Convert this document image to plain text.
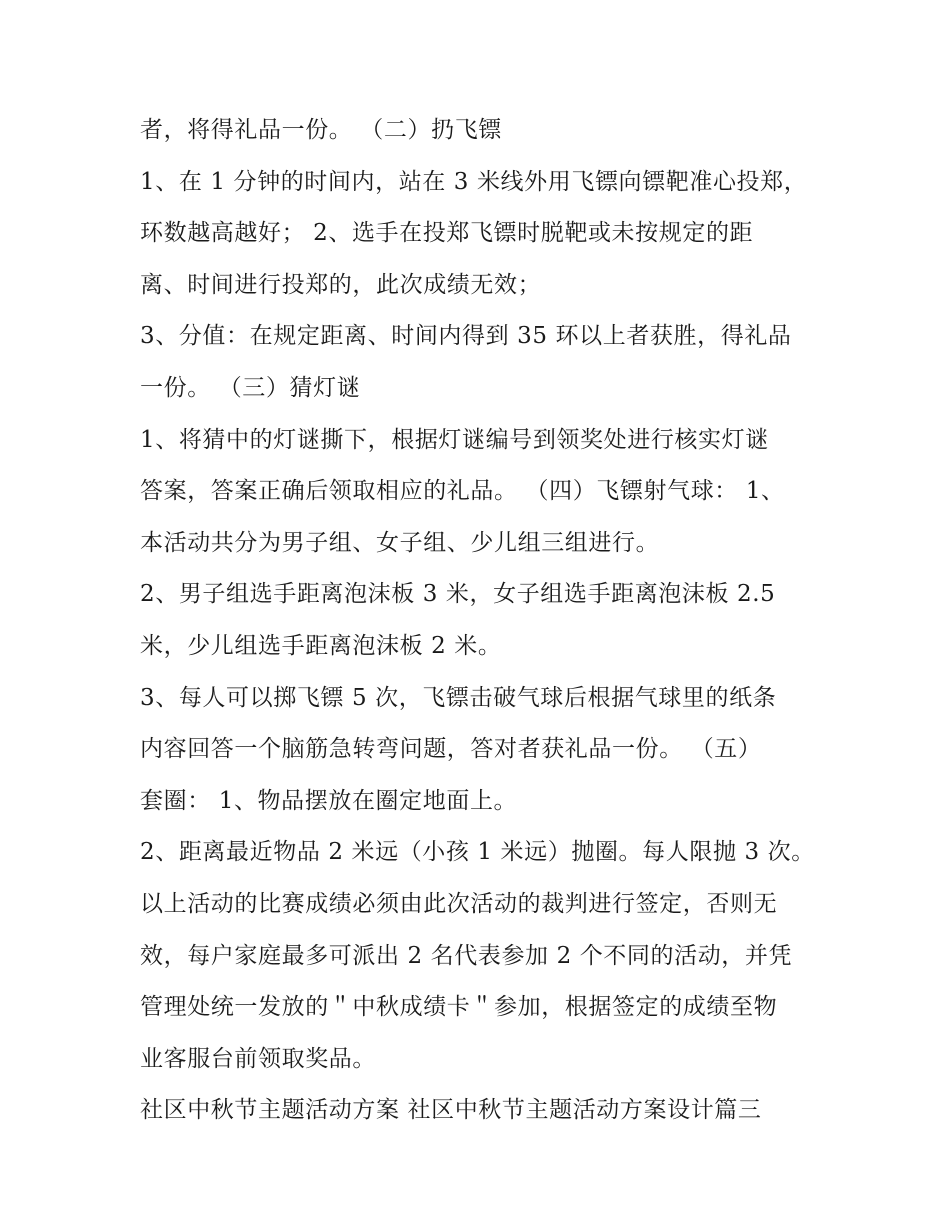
者，将得礼品一份。 （二）扔飞镖
1、在 1 分钟的时间内，站在 3 米线外用飞镖向镖靶准心投郑，
环数越高越好； 2、选手在投郑飞镖时脱靶或未按规定的距
离、时间进行投郑的，此次成绩无效；
3、分值：在规定距离、时间内得到 35 环以上者获胜，得礼品
一份。 （三）猜灯谜
1、将猜中的灯谜撕下，根据灯谜编号到领奖处进行核实灯谜
答案，答案正确后领取相应的礼品。 （四）飞镖射气球： 1、
本活动共分为男子组、女子组、少儿组三组进行。
2、男子组选手距离泡沫板 3 米，女子组选手距离泡沫板 2.5
米，少儿组选手距离泡沫板 2 米。
3、每人可以掷飞镖 5 次，飞镖击破气球后根据气球里的纸条
内容回答一个脑筋急转弯问题，答对者获礼品一份。 （五）
套圈： 1、物品摆放在圈定地面上。
2、距离最近物品 2 米远（小孩 1 米远）抛圈。每人限抛 3 次。
以上活动的比赛成绩必须由此次活动的裁判进行签定，否则无
效，每户家庭最多可派出 2 名代表参加 2 个不同的活动，并凭
管理处统一发放的＂中秋成绩卡＂参加，根据签定的成绩至物
业客服台前领取奖品。
社区中秋节主题活动方案 社区中秋节主题活动方案设计篇三
